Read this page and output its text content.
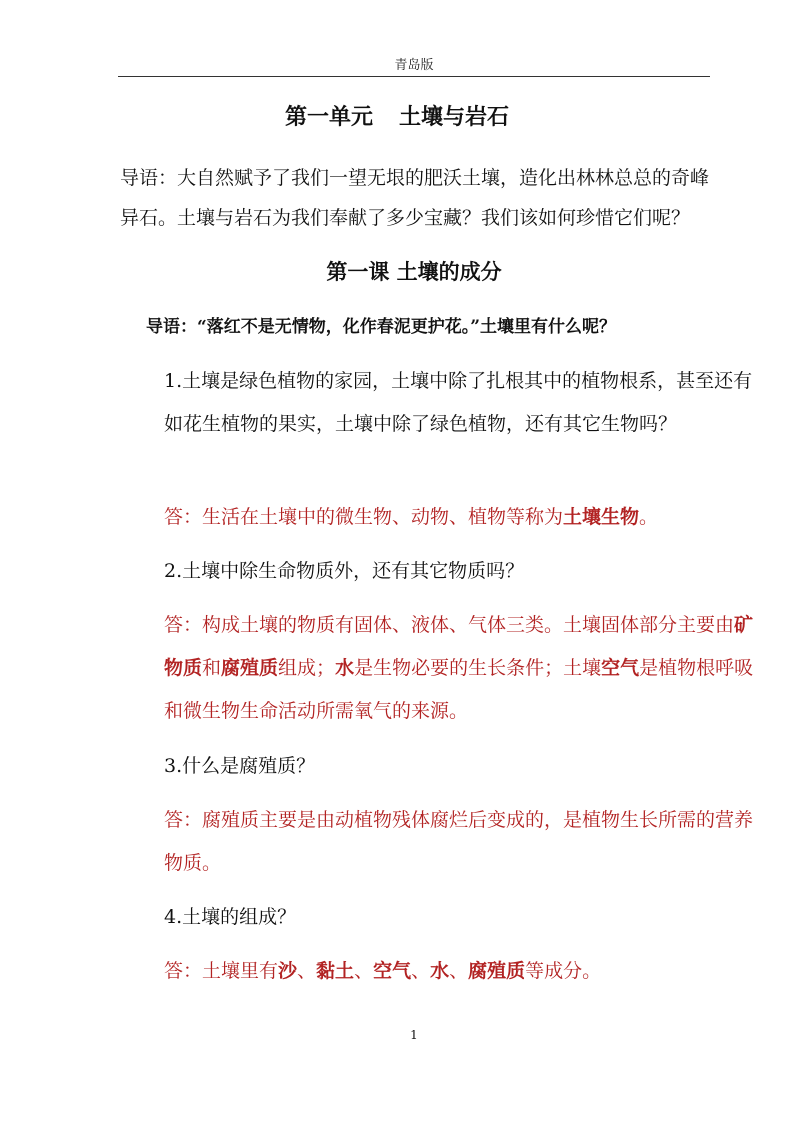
青岛版
第一单元 土壤与岩石
导语：大自然赋予了我们一望无垠的肥沃土壤，造化出林林总总的奇峰异石。土壤与岩石为我们奉献了多少宝藏？我们该如何珍惜它们呢？
第一课 土壤的成分
导语：“落红不是无情物，化作春泥更护花。”土壤里有什么呢？
1.土壤是绿色植物的家园，土壤中除了扎根其中的植物根系，甚至还有如花生植物的果实，土壤中除了绿色植物，还有其它生物吗？
答：生活在土壤中的微生物、动物、植物等称为土壤生物。
2.土壤中除生命物质外，还有其它物质吗？
答：构成土壤的物质有固体、液体、气体三类。土壤固体部分主要由矿物质和腐殖质组成；水是生物必要的生长条件；土壤空气是植物根呼吸和微生物生命活动所需氧气的来源。
3.什么是腐殖质？
答：腐殖质主要是由动植物残体腐烂后变成的，是植物生长所需的营养物质。
4.土壤的组成？
答：土壤里有沙、黏土、空气、水、腐殖质等成分。
1
